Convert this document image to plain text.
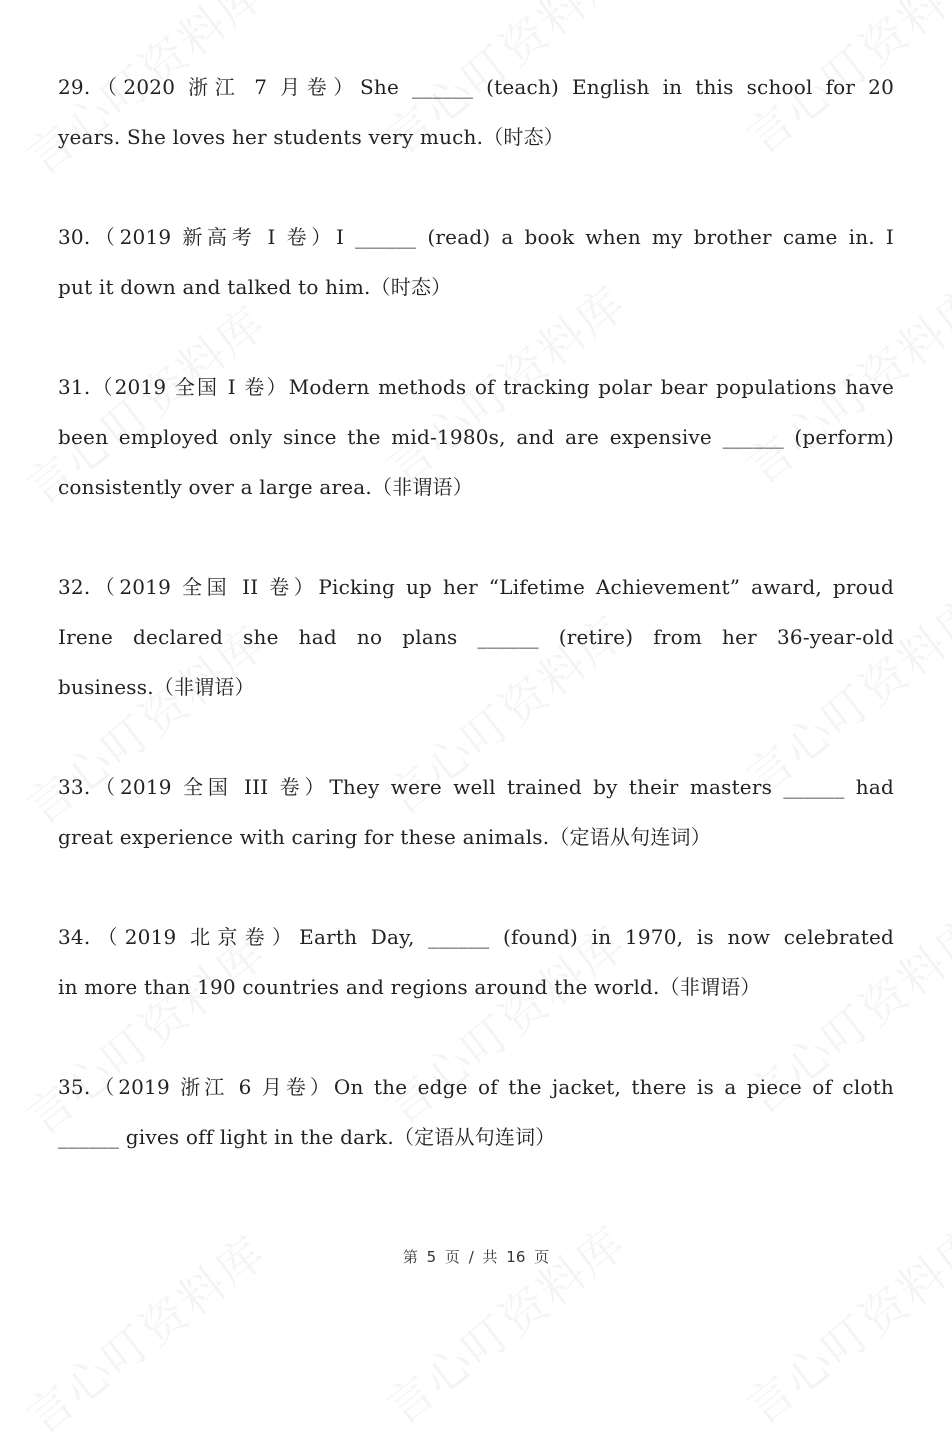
29.（2020 浙江 7 月卷）She ______ (teach) English in this school for 20
years. She loves her students very much.（时态）
30.（2019 新高考 I 卷）I ______ (read) a book when my brother came in. I
put it down and talked to him.（时态）
31.（2019 全国 I 卷）Modern methods of tracking polar bear populations have
been employed only since the mid-1980s, and are expensive ______ (perform)
consistently over a large area.（非谓语）
32.（2019 全国 II 卷）Picking up her “Lifetime Achievement” award, proud
Irene declared she had no plans ______ (retire) from her 36-year-old
business.（非谓语）
33.（2019 全国 III 卷）They were well trained by their masters ______ had
great experience with caring for these animals.（定语从句连词）
34.（2019 北京卷）Earth Day, ______ (found) in 1970, is now celebrated
in more than 190 countries and regions around the world.（非谓语）
35.（2019 浙江 6 月卷）On the edge of the jacket, there is a piece of cloth
______ gives off light in the dark.（定语从句连词）
第 5 页 / 共 16 页
